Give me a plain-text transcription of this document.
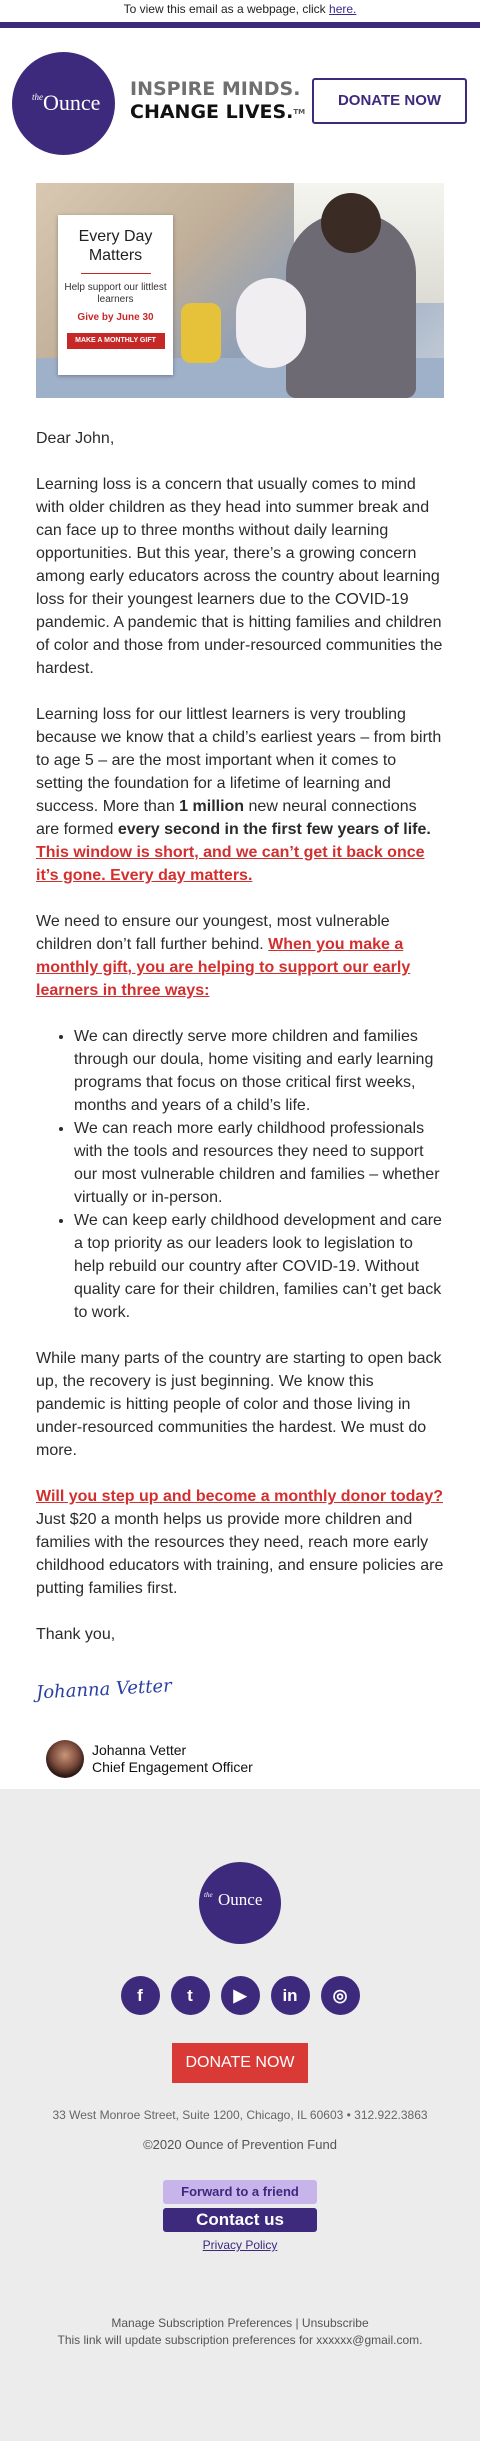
To view this email as a webpage, click here.
the Ounce
INSPIRE MINDS.
CHANGE LIVES.™
DONATE NOW
Every Day Matters
Help support our littlest learners
Give by June 30
MAKE A MONTHLY GIFT

Dear John,

Learning loss is a concern that usually comes to mind with older children as they head into summer break and can face up to three months without daily learning opportunities. But this year, there’s a growing concern among early educators across the country about learning loss for their youngest learners due to the COVID-19 pandemic. A pandemic that is hitting families and children of color and those from under-resourced communities the hardest.

Learning loss for our littlest learners is very troubling because we know that a child’s earliest years – from birth to age 5 – are the most important when it comes to setting the foundation for a lifetime of learning and success. More than 1 million new neural connections are formed every second in the first few years of life. This window is short, and we can’t get it back once it’s gone. Every day matters.

We need to ensure our youngest, most vulnerable children don’t fall further behind. When you make a monthly gift, you are helping to support our early learners in three ways:

• We can directly serve more children and families through our doula, home visiting and early learning programs that focus on those critical first weeks, months and years of a child’s life.
• We can reach more early childhood professionals with the tools and resources they need to support our most vulnerable children and families – whether virtually or in-person.
• We can keep early childhood development and care a top priority as our leaders look to legislation to help rebuild our country after COVID-19. Without quality care for their children, families can’t get back to work.

While many parts of the country are starting to open back up, the recovery is just beginning. We know this pandemic is hitting people of color and those living in under-resourced communities the hardest. We must do more.

Will you step up and become a monthly donor today? Just $20 a month helps us provide more children and families with the resources they need, reach more early childhood educators with training, and ensure policies are putting families first.

Thank you,

Johanna Vetter
Johanna Vetter
Chief Engagement Officer
the Ounce
f	t	▶	in	◎
DONATE NOW
33 West Monroe Street, Suite 1200, Chicago, IL 60603 • 312.922.3863
©2020 Ounce of Prevention Fund
Forward to a friend
Contact us
Privacy Policy
Manage Subscription Preferences | Unsubscribe
This link will update subscription preferences for xxxxxx@gmail.com.
